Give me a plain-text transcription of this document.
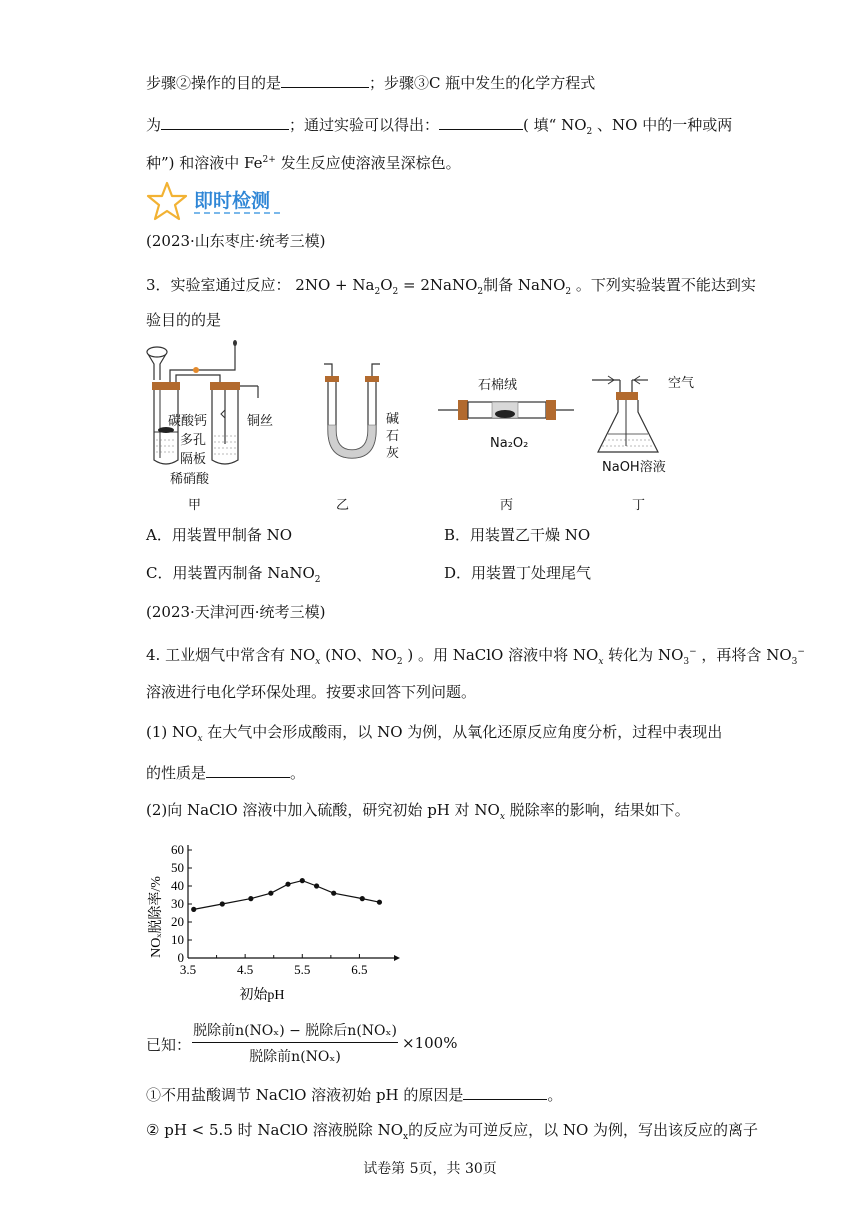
步骤②操作的目的是	；步骤③C 瓶中发生的化学方程式
为	；通过实验可以得出：	( 填“ $NO_2$ 、NO 中的一种或两
种”) 和溶液中 $Fe^{2+}$ 发生反应使溶液呈深棕色。
即时检测
(2023·山东枣庄·统考三模)
3．实验室通过反应： $2NO + Na_2O_2$ = 2NaNO$_2$制备 NaNO$_2$ 。下列实验装置不能达到实
验目的的是
碳酸钙
多孔
隔板
稀硝酸
铜丝	碱
石
灰
石棉绒
Na₂O₂
空气
NaOH溶液
甲	乙	丙	丁
A．用装置甲制备 NO	B．用装置乙干燥 NO
C．用装置丙制备 NaNO$_2$	D．用装置丁处理尾气
(2023·天津河西·统考三模)
4. 工业烟气中常含有 $NO_x$ (NO、$NO_2$ ) 。用 NaClO 溶液中将 $NO_x$ 转化为 $NO_3^-$ ，再将含 $NO_3^-$
溶液进行电化学环保处理。按要求回答下列问题。
(1) $NO_x$ 在大气中会形成酸雨，以 NO 为例，从氧化还原反应角度分析，过程中表现出
的性质是	。
(2)向 NaClO 溶液中加入硫酸，研究初始 pH 对 $NO_x$ 脱除率的影响，结果如下。
0
10
20
30
40
50
60
3.5	4.5	5.5	6.5
NOₓ脱除率/%
初始pH
已知：
脱除前n(NOₓ) − 脱除后n(NOₓ)
脱除前n(NOₓ)
×100%
①不用盐酸调节 NaClO 溶液初始 pH 的原因是	。
② pH < 5.5 时 NaClO 溶液脱除 $NO_x$的反应为可逆反应，以 NO 为例，写出该反应的离子
试卷第 5页，共 30页
